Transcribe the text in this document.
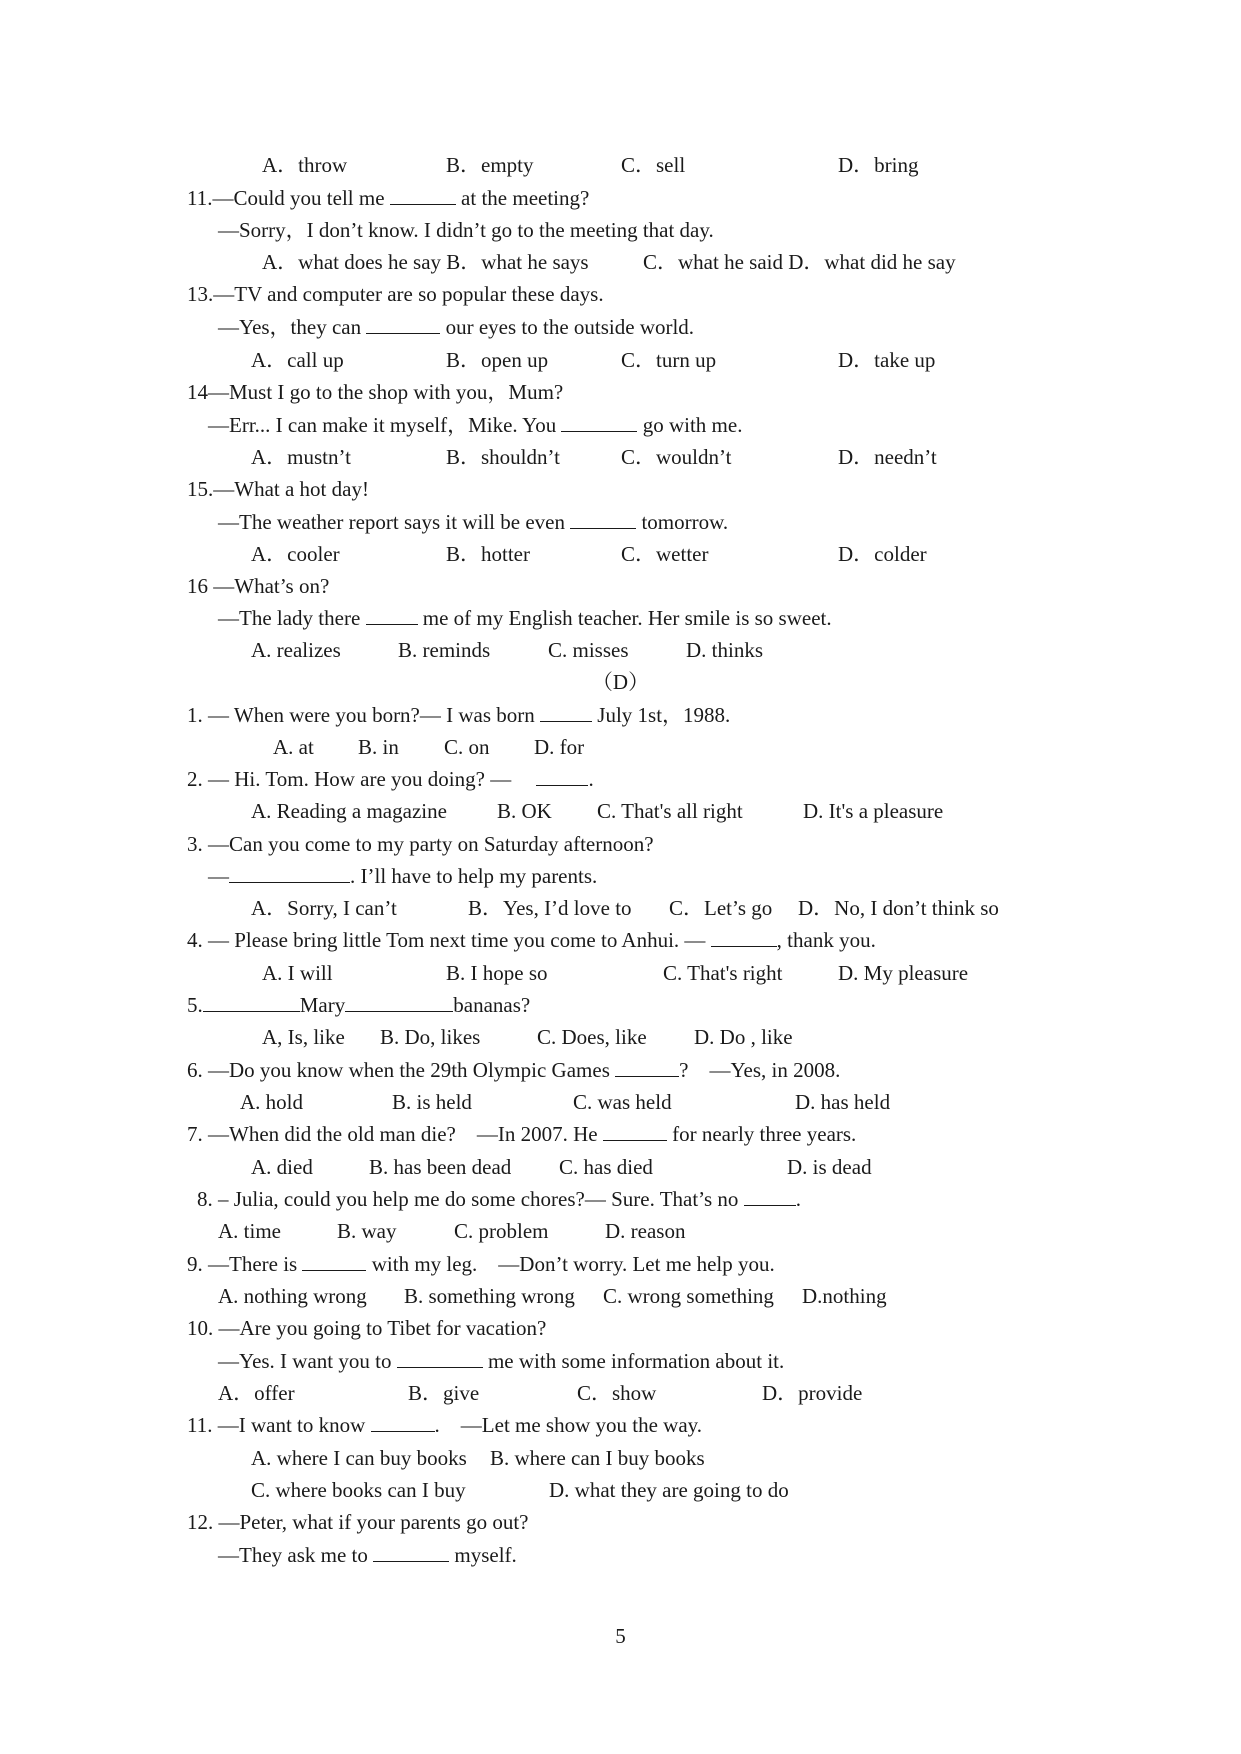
A．throw	B．empty	C．sell	D．bring
11.—Could you tell me	at the meeting?
—Sorry，I don’t know. I didn’t go to the meeting that day.
A．what does he say B．what he says	C．what he said D．what did he say
13.—TV and computer are so popular these days.
—Yes，they can	our eyes to the outside world.
A．call up	B．open up	C．turn up	D．take up
14—Must I go to the shop with you，Mum?
—Err... I can make it myself，Mike. You	go with me.
A．mustn’t	B．shouldn’t	C．wouldn’t	D．needn’t
15.—What a hot day!
—The weather report says it will be even	tomorrow.
A．cooler	B．hotter	C．wetter	D．colder
16 —What’s on?
—The lady there  me of my English teacher. Her smile is so sweet.
A. realizes	B. reminds	C. misses	D. thinks
（D）
1. — When were you born?— I was born  July 1st，1988.
A. at B. in C. on D. for
2. — Hi. Tom. How are you doing? —	.
A. Reading a magazine B. OK C. That's all right	D. It's a pleasure
3. —Can you come to my party on Saturday afternoon?
—	. I’ll have to help my parents.
A．Sorry, I can’t	B．Yes, I’d love to C．Let’s go D．No, I don’t think so
4. — Please bring little Tom next time you come to Anhui. —	, thank you.
A. I will	B. I hope so	C. That's right	D. My pleasure
5.	Mary	bananas?
A, Is, like B. Do, likes	C. Does, like D. Do , like
6. —Do you know when the 29th Olympic Games	?    —Yes, in 2008.
A. hold	B. is held	C. was held	D. has held
7. —When did the old man die?    —In 2007. He	for nearly three years.
A. died	B. has been dead C. has died	D. is dead
8. – Julia, could you help me do some chores?— Sure. That’s no .
A. time	B. way	C. problem	D. reason
9. —There is	with my leg.    —Don’t worry. Let me help you.
A. nothing wrong B. something wrong C. wrong something D.nothing
10. —Are you going to Tibet for vacation?
—Yes. I want you to	me with some information about it.
A．offer	B．give	C．show	D．provide
11. —I want to know	.    —Let me show you the way.
A. where I can buy books B. where can I buy books
C. where books can I buy	D. what they are going to do
12. —Peter, what if your parents go out?
—They ask me to	myself.
5
